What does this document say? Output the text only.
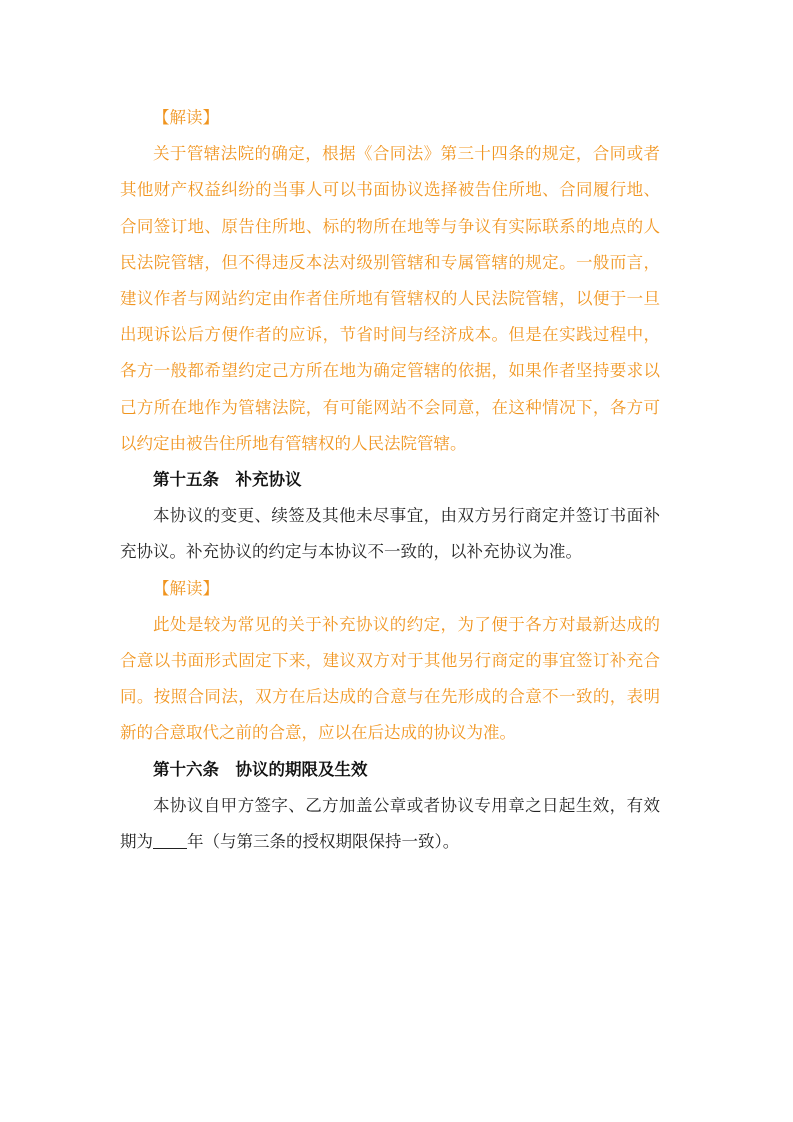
【解读】

关于管辖法院的确定，根据《合同法》第三十四条的规定，合同或者其他财产权益纠纷的当事人可以书面协议选择被告住所地、合同履行地、合同签订地、原告住所地、标的物所在地等与争议有实际联系的地点的人民法院管辖，但不得违反本法对级别管辖和专属管辖的规定。一般而言，建议作者与网站约定由作者住所地有管辖权的人民法院管辖，以便于一旦出现诉讼后方便作者的应诉，节省时间与经济成本。但是在实践过程中，各方一般都希望约定己方所在地为确定管辖的依据，如果作者坚持要求以己方所在地作为管辖法院，有可能网站不会同意，在这种情况下，各方可以约定由被告住所地有管辖权的人民法院管辖。

第十五条　补充协议

本协议的变更、续签及其他未尽事宜，由双方另行商定并签订书面补充协议。补充协议的约定与本协议不一致的，以补充协议为准。

【解读】

此处是较为常见的关于补充协议的约定，为了便于各方对最新达成的合意以书面形式固定下来，建议双方对于其他另行商定的事宜签订补充合同。按照合同法，双方在后达成的合意与在先形成的合意不一致的，表明新的合意取代之前的合意，应以在后达成的协议为准。

第十六条　协议的期限及生效

本协议自甲方签字、乙方加盖公章或者协议专用章之日起生效，有效期为 年（与第三条的授权期限保持一致）。
